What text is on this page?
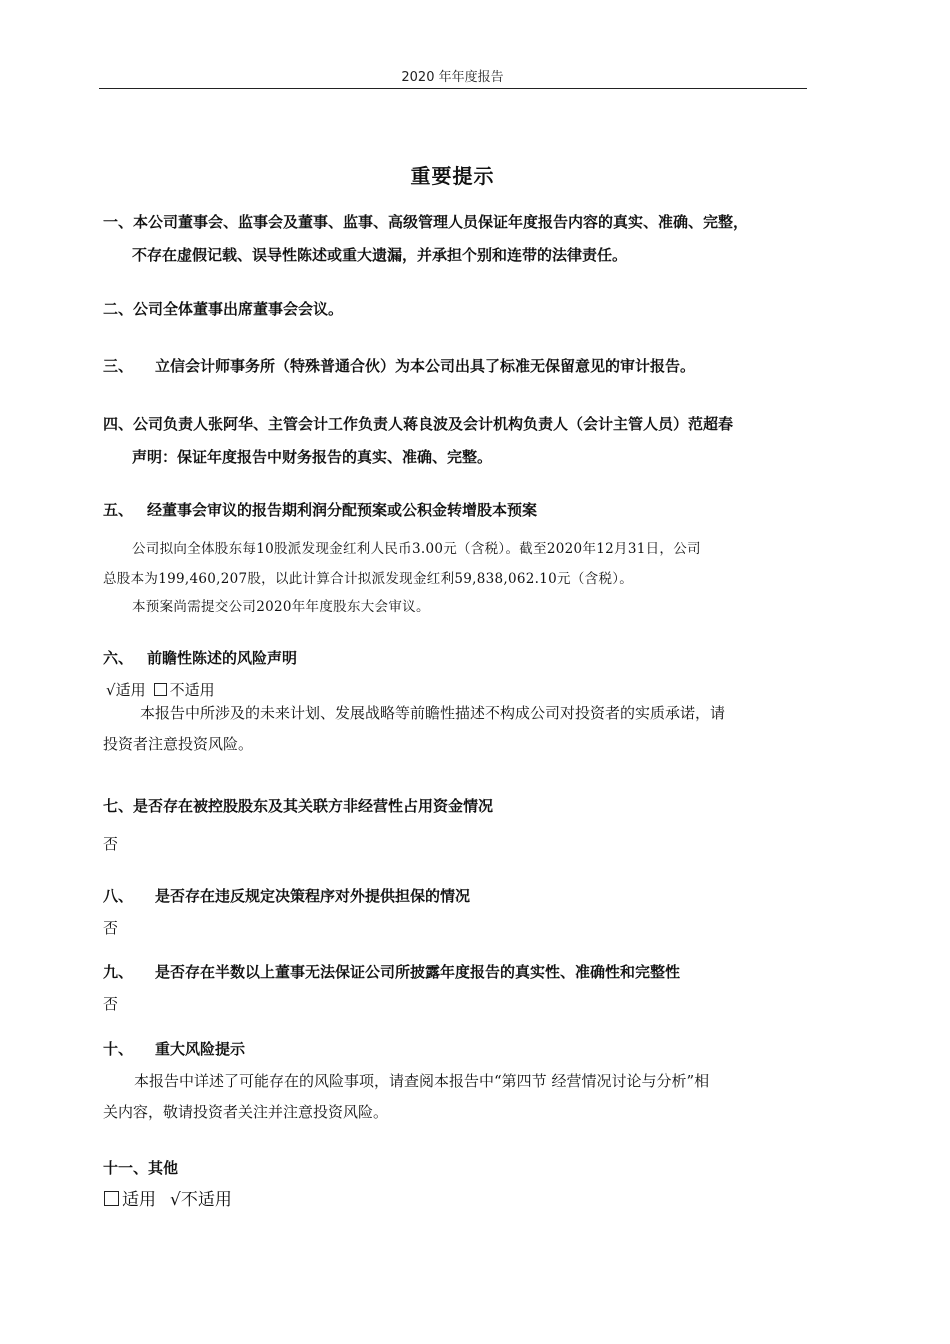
2020 年年度报告
重要提示
一、本公司董事会、监事会及董事、监事、高级管理人员保证年度报告内容的真实、准确、完整，
不存在虚假记载、误导性陈述或重大遗漏，并承担个别和连带的法律责任。
二、公司全体董事出席董事会会议。
三、 立信会计师事务所（特殊普通合伙）为本公司出具了标准无保留意见的审计报告。
四、公司负责人张阿华、主管会计工作负责人蒋良波及会计机构负责人（会计主管人员）范超春
声明：保证年度报告中财务报告的真实、准确、完整。
五、 经董事会审议的报告期利润分配预案或公积金转增股本预案
公司拟向全体股东每10股派发现金红利人民币3.00元（含税）。截至2020年12月31日，公司
总股本为199,460,207股，以此计算合计拟派发现金红利59,838,062.10元（含税）。
本预案尚需提交公司2020年年度股东大会审议。
六、 前瞻性陈述的风险声明
√适用 不适用
本报告中所涉及的未来计划、发展战略等前瞻性描述不构成公司对投资者的实质承诺，请
投资者注意投资风险。
七、是否存在被控股股东及其关联方非经营性占用资金情况
否
八、 是否存在违反规定决策程序对外提供担保的情况
否
九、 是否存在半数以上董事无法保证公司所披露年度报告的真实性、准确性和完整性
否
十、 重大风险提示
本报告中详述了可能存在的风险事项，请查阅本报告中“第四节 经营情况讨论与分析”相
关内容，敬请投资者关注并注意投资风险。
十一、其他
适用 √不适用
